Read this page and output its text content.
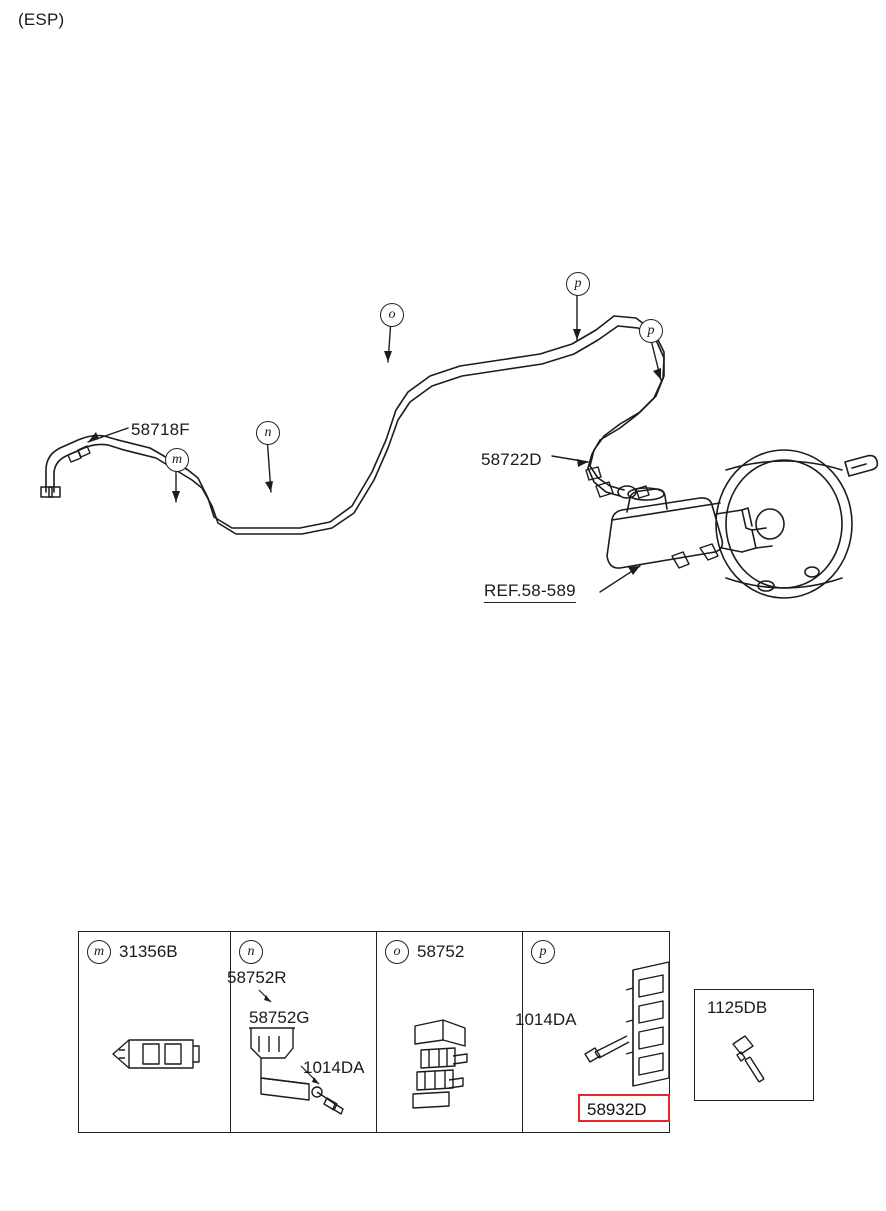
(ESP)
m
n
o
p
p
58718F
58722D
REF.58-589
m 31356B	n
58752R
58752G
1014DA
o 58752	p
1014DA
58932D
1125DB
